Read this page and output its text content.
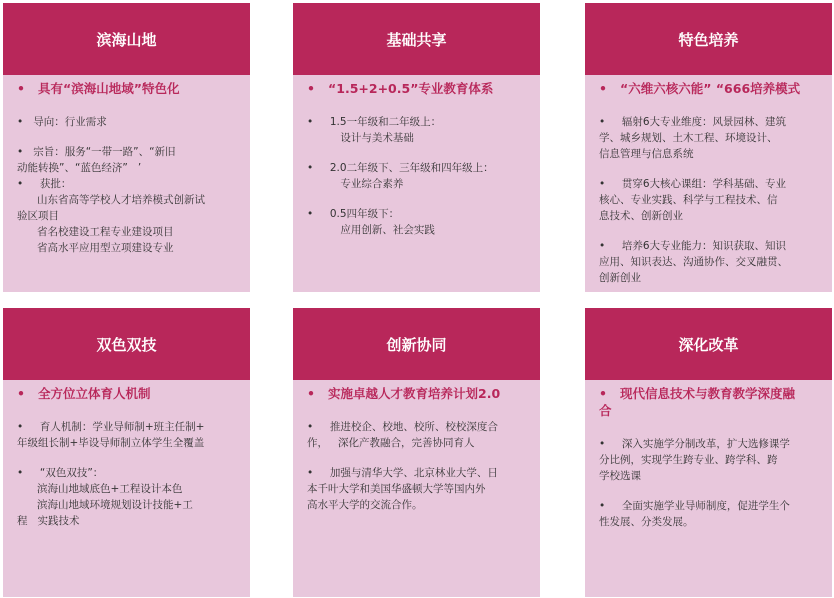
滨海山地
•   具有“滨海山地域”特色化
•   导向：行业需求
•   宗旨：服务“一带一路”、“新旧
动能转换”、“蓝色经济”   ’
•     获批：
山东省高等学校人才培养模式创新试
验区项目
省名校建设工程专业建设项目
省高水平应用型立项建设专业
基础共享
•   “1.5+2+0.5”专业教育体系
•     1.5一年级和二年级上：
设计与美术基础
•     2.0二年级下、三年级和四年级上：
专业综合素养
•     0.5四年级下：
应用创新、社会实践
特色培养
•   “六维六核六能” “666培养模式
•     辐射6大专业维度：风景园林、建筑
学、城乡规划、土木工程、环境设计、
信息管理与信息系统
•     贯穿6大核心课组：学科基础、专业
核心、专业实践、科学与工程技术、信
息技术、创新创业
•     培养6大专业能力：知识获取、知识
应用、知识表达、沟通协作、交叉融贯、
创新创业
双色双技
•   全方位立体育人机制
•     育人机制：学业导师制+班主任制+
年级组长制+毕设导师制立体学生全覆盖
•     “双色双技”：
滨海山地域底色+工程设计本色
滨海山地域环境规划设计技能+工
程   实践技术
创新协同
•   实施卓越人才教育培养计划2.0
•     推进校企、校地、校所、校校深度合
作，   深化产教融合，完善协同育人
•     加强与清华大学、北京林业大学、日
本千叶大学和美国华盛顿大学等国内外
高水平大学的交流合作。
深化改革
•   现代信息技术与教育教学深度融
合
•     深入实施学分制改革，扩大选修课学
分比例，实现学生跨专业、跨学科、跨
学校选课
•     全面实施学业导师制度，促进学生个
性发展、分类发展。
